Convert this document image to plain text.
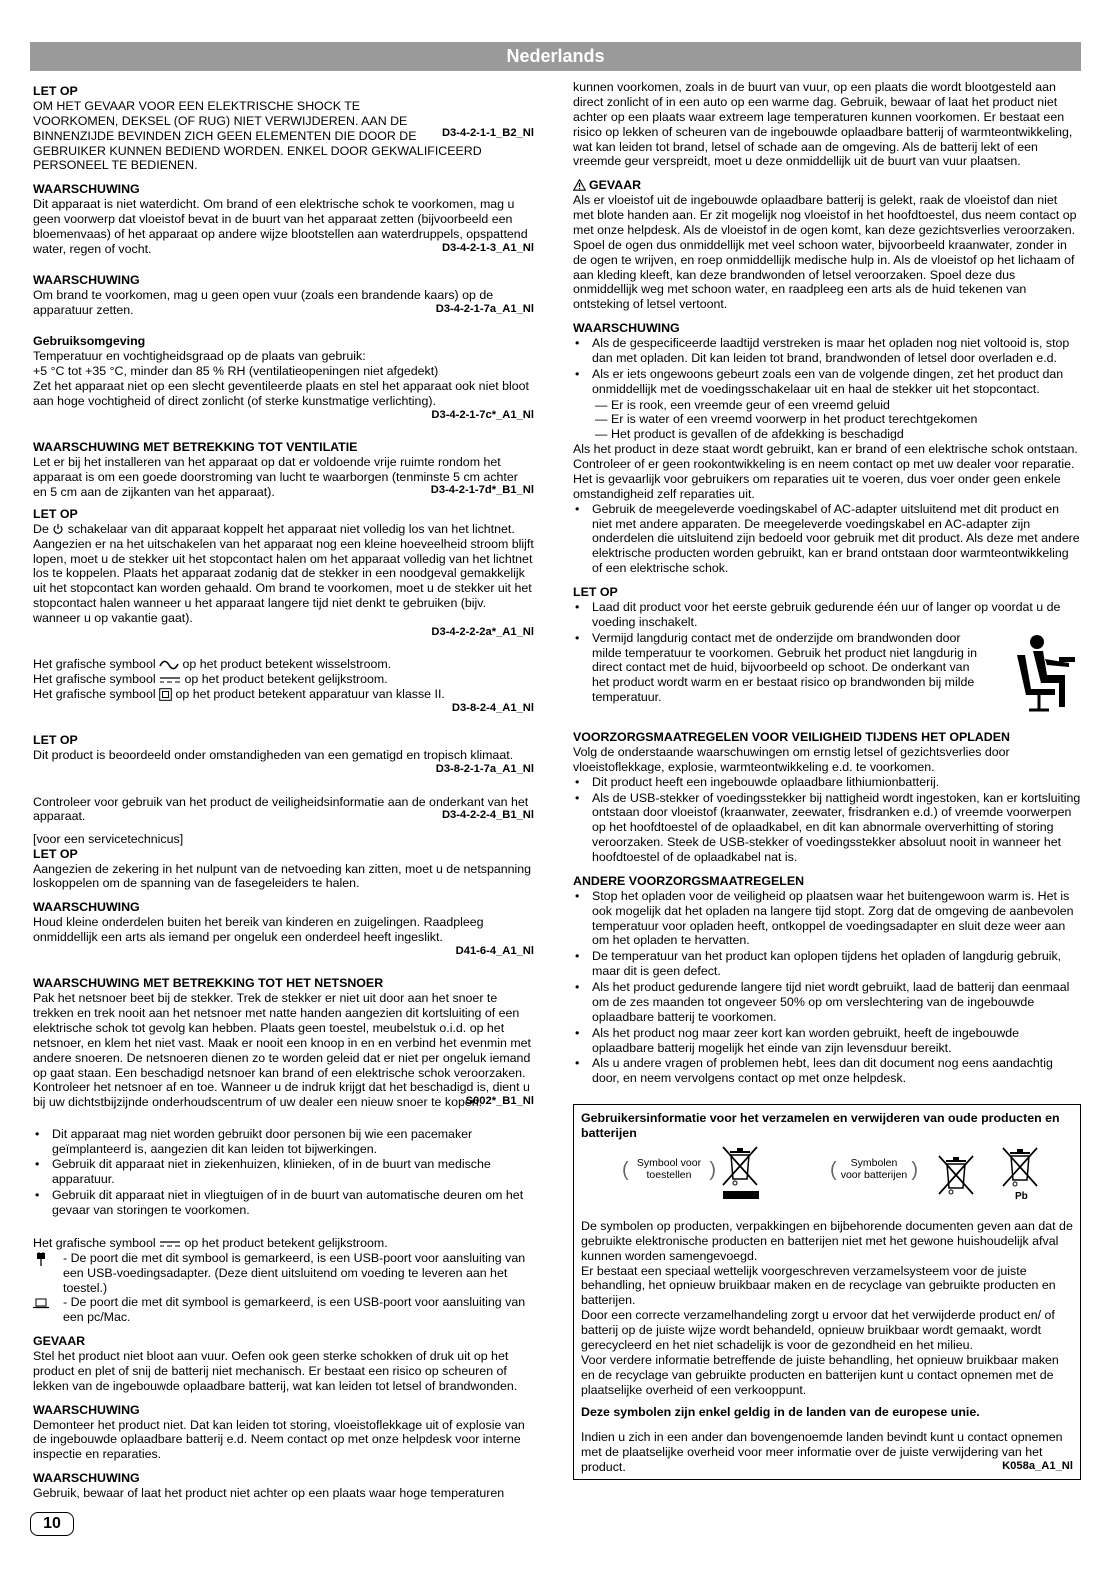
Nederlands

LET OP

D3-4-2-1-1_B2_Nl
OM HET GEVAAR VOOR EEN ELEKTRISCHE SHOCK TE VOORKOMEN, DEKSEL (OF RUG) NIET VERWIJDEREN. AAN DE BINNENZIJDE BEVINDEN ZICH GEEN ELEMENTEN DIE DOOR DE GEBRUIKER KUNNEN BEDIEND WORDEN. ENKEL DOOR GEKWALIFICEERD PERSONEEL TE BEDIENEN.

WAARSCHUWING

Dit apparaat is niet waterdicht. Om brand of een elektrische schok te voorkomen, mag u geen voorwerp dat vloeistof bevat in de buurt van het apparaat zetten (bijvoorbeeld een bloemenvaas) of het apparaat op andere wijze blootstellen aan waterdruppels, opspattend water, regen of vocht.	D3-4-2-1-3_A1_Nl

WAARSCHUWING

Om brand te voorkomen, mag u geen open vuur (zoals een brandende kaars) op de apparatuur zetten.	D3-4-2-1-7a_A1_Nl

Gebruiksomgeving

Temperatuur en vochtigheidsgraad op de plaats van gebruik:

+5 °C tot +35 °C, minder dan 85 % RH (ventilatieopeningen niet afgedekt)

Zet het apparaat niet op een slecht geventileerde plaats en stel het apparaat ook niet bloot aan hoge vochtigheid of direct zonlicht (of sterke kunstmatige verlichting).

D3-4-2-1-7c*_A1_Nl

WAARSCHUWING MET BETREKKING TOT VENTILATIE

Let er bij het installeren van het apparaat op dat er voldoende vrije ruimte rondom het apparaat is om een goede doorstroming van lucht te waarborgen (tenminste 5 cm achter en 5 cm aan de zijkanten van het apparaat).	D3-4-2-1-7d*_B1_Nl

LET OP

De schakelaar van dit apparaat koppelt het apparaat niet volledig los van het lichtnet. Aangezien er na het uitschakelen van het apparaat nog een kleine hoeveelheid stroom blijft lopen, moet u de stekker uit het stopcontact halen om het apparaat volledig van het lichtnet los te koppelen. Plaats het apparaat zodanig dat de stekker in een noodgeval gemakkelijk uit het stopcontact kan worden gehaald. Om brand te voorkomen, moet u de stekker uit het stopcontact halen wanneer u het apparaat langere tijd niet denkt te gebruiken (bijv. wanneer u op vakantie gaat).

D3-4-2-2-2a*_A1_Nl

Het grafische symbool op het product betekent wisselstroom.

Het grafische symbool op het product betekent gelijkstroom.

Het grafische symbool op het product betekent apparatuur van klasse II.

D3-8-2-4_A1_Nl

LET OP

Dit product is beoordeeld onder omstandigheden van een gematigd en tropisch klimaat.

D3-8-2-1-7a_A1_Nl

Controleer voor gebruik van het product de veiligheidsinformatie aan de onderkant van het apparaat.	D3-4-2-2-4_B1_Nl

[voor een servicetechnicus]

LET OP

Aangezien de zekering in het nulpunt van de netvoeding kan zitten, moet u de netspanning loskoppelen om de spanning van de fasegeleiders te halen.

WAARSCHUWING

Houd kleine onderdelen buiten het bereik van kinderen en zuigelingen. Raadpleeg onmiddellijk een arts als iemand per ongeluk een onderdeel heeft ingeslikt.

D41-6-4_A1_Nl

WAARSCHUWING MET BETREKKING TOT HET NETSNOER

Pak het netsnoer beet bij de stekker. Trek de stekker er niet uit door aan het snoer te trekken en trek nooit aan het netsnoer met natte handen aangezien dit kortsluiting of een elektrische schok tot gevolg kan hebben. Plaats geen toestel, meubelstuk o.i.d. op het netsnoer, en klem het niet vast. Maak er nooit een knoop in en en verbind het evenmin met andere snoeren. De netsnoeren dienen zo te worden geleid dat er niet per ongeluk iemand op gaat staan. Een beschadigd netsnoer kan brand of een elektrische schok veroorzaken. Kontroleer het netsnoer af en toe. Wanneer u de indruk krijgt dat het beschadigd is, dient u bij uw dichtstbijzijnde onderhoudscentrum of uw dealer een nieuw snoer te kopen.

S002*_B1_Nl

• Dit apparaat mag niet worden gebruikt door personen bij wie een pacemaker geïmplanteerd is, aangezien dit kan leiden tot bijwerkingen.
• Gebruik dit apparaat niet in ziekenhuizen, klinieken, of in de buurt van medische apparatuur.
• Gebruik dit apparaat niet in vliegtuigen of in de buurt van automatische deuren om het gevaar van storingen te voorkomen.

Het grafische symbool op het product betekent gelijkstroom.

- De poort die met dit symbool is gemarkeerd, is een USB-poort voor aansluiting van een USB-voedingsadapter. (Deze dient uitsluitend om voeding te leveren aan het toestel.)
- De poort die met dit symbool is gemarkeerd, is een USB-poort voor aansluiting van een pc/Mac.

GEVAAR

Stel het product niet bloot aan vuur. Oefen ook geen sterke schokken of druk uit op het product en plet of snij de batterij niet mechanisch. Er bestaat een risico op scheuren of lekken van de ingebouwde oplaadbare batterij, wat kan leiden tot letsel of brandwonden.

WAARSCHUWING

Demonteer het product niet. Dat kan leiden tot storing, vloeistoflekkage uit of explosie van de ingebouwde oplaadbare batterij e.d. Neem contact op met onze helpdesk voor interne inspectie en reparaties.

WAARSCHUWING

Gebruik, bewaar of laat het product niet achter op een plaats waar hoge temperaturen

kunnen voorkomen, zoals in de buurt van vuur, op een plaats die wordt blootgesteld aan direct zonlicht of in een auto op een warme dag. Gebruik, bewaar of laat het product niet achter op een plaats waar extreem lage temperaturen kunnen voorkomen. Er bestaat een risico op lekken of scheuren van de ingebouwde oplaadbare batterij of warmteontwikkeling, wat kan leiden tot brand, letsel of schade aan de omgeving. Als de batterij lekt of een vreemde geur verspreidt, moet u deze onmiddellijk uit de buurt van vuur plaatsen.

GEVAAR

Als er vloeistof uit de ingebouwde oplaadbare batterij is gelekt, raak de vloeistof dan niet met blote handen aan. Er zit mogelijk nog vloeistof in het hoofdtoestel, dus neem contact op met onze helpdesk. Als de vloeistof in de ogen komt, kan deze gezichtsverlies veroorzaken. Spoel de ogen dus onmiddellijk met veel schoon water, bijvoorbeeld kraanwater, zonder in de ogen te wrijven, en roep onmiddellijk medische hulp in. Als de vloeistof op het lichaam of aan kleding kleeft, kan deze brandwonden of letsel veroorzaken. Spoel deze dus onmiddellijk weg met schoon water, en raadpleeg een arts als de huid tekenen van ontsteking of letsel vertoont.

WAARSCHUWING

• Als de gespecificeerde laadtijd verstreken is maar het opladen nog niet voltooid is, stop dan met opladen. Dit kan leiden tot brand, brandwonden of letsel door overladen e.d.
• Als er iets ongewoons gebeurt zoals een van de volgende dingen, zet het product dan onmiddellijk met de voedingsschakelaar uit en haal de stekker uit het stopcontact.
— Er is rook, een vreemde geur of een vreemd geluid
— Er is water of een vreemd voorwerp in het product terechtgekomen
— Het product is gevallen of de afdekking is beschadigd

Als het product in deze staat wordt gebruikt, kan er brand of een elektrische schok ontstaan. Controleer of er geen rookontwikkeling is en neem contact op met uw dealer voor reparatie. Het is gevaarlijk voor gebruikers om reparaties uit te voeren, dus voer onder geen enkele omstandigheid zelf reparaties uit.

• Gebruik de meegeleverde voedingskabel of AC-adapter uitsluitend met dit product en niet met andere apparaten. De meegeleverde voedingskabel en AC-adapter zijn onderdelen die uitsluitend zijn bedoeld voor gebruik met dit product. Als deze met andere elektrische producten worden gebruikt, kan er brand ontstaan door warmteontwikkeling of een elektrische schok.

LET OP

• Laad dit product voor het eerste gebruik gedurende één uur of langer op voordat u de voeding inschakelt.
• Vermijd langdurig contact met de onderzijde om brandwonden door milde temperatuur te voorkomen. Gebruik het product niet langdurig in direct contact met de huid, bijvoorbeeld op schoot. De onderkant van het product wordt warm en er bestaat risico op brandwonden bij milde temperatuur.

VOORZORGSMAATREGELEN VOOR VEILIGHEID TIJDENS HET OPLADEN

Volg de onderstaande waarschuwingen om ernstig letsel of gezichtsverlies door vloeistoflekkage, explosie, warmteontwikkeling e.d. te voorkomen.

• Dit product heeft een ingebouwde oplaadbare lithiumionbatterij.
• Als de USB-stekker of voedingsstekker bij nattigheid wordt ingestoken, kan er kortsluiting ontstaan door vloeistof (kraanwater, zeewater, frisdranken e.d.) of vreemde voorwerpen op het hoofdtoestel of de oplaadkabel, en dit kan abnormale oververhitting of storing veroorzaken. Steek de USB-stekker of voedingsstekker absoluut nooit in wanneer het hoofdtoestel of de oplaadkabel nat is.

ANDERE VOORZORGSMAATREGELEN

• Stop het opladen voor de veiligheid op plaatsen waar het buitengewoon warm is. Het is ook mogelijk dat het opladen na langere tijd stopt. Zorg dat de omgeving de aanbevolen temperatuur voor opladen heeft, ontkoppel de voedingsadapter en sluit deze weer aan om het opladen te hervatten.
• De temperatuur van het product kan oplopen tijdens het opladen of langdurig gebruik, maar dit is geen defect.
• Als het product gedurende langere tijd niet wordt gebruikt, laad de batterij dan eenmaal om de zes maanden tot ongeveer 50% op om verslechtering van de ingebouwde oplaadbare batterij te voorkomen.
• Als het product nog maar zeer kort kan worden gebruikt, heeft de ingebouwde oplaadbare batterij mogelijk het einde van zijn levensduur bereikt.
• Als u andere vragen of problemen hebt, lees dan dit document nog eens aandachtig door, en neem vervolgens contact op met onze helpdesk.

Gebruikersinformatie voor het verzamelen en verwijderen van oude producten en batterijen

( Symbool voor toestellen )
( Symbolen voor batterijen )
Pb

De symbolen op producten, verpakkingen en bijbehorende documenten geven aan dat de gebruikte elektronische producten en batterijen niet met het gewone huishoudelijk afval kunnen worden samengevoegd.

Er bestaat een speciaal wettelijk voorgeschreven verzamelsysteem voor de juiste behandling, het opnieuw bruikbaar maken en de recyclage van gebruikte producten en batterijen.

Door een correcte verzamelhandeling zorgt u ervoor dat het verwijderde product en/ of batterij op de juiste wijze wordt behandeld, opnieuw bruikbaar wordt gemaakt, wordt gerecycleerd en het niet schadelijk is voor de gezondheid en het milieu.

Voor verdere informatie betreffende de juiste behandling, het opnieuw bruikbaar maken en de recyclage van gebruikte producten en batterijen kunt u contact opnemen met de plaatselijke overheid of een verkooppunt.

Deze symbolen zijn enkel geldig in de landen van de europese unie.

Indien u zich in een ander dan bovengenoemde landen bevindt kunt u contact opnemen met de plaatselijke overheid voor meer informatie over de juiste verwijdering van het product.	K058a_A1_Nl

10
